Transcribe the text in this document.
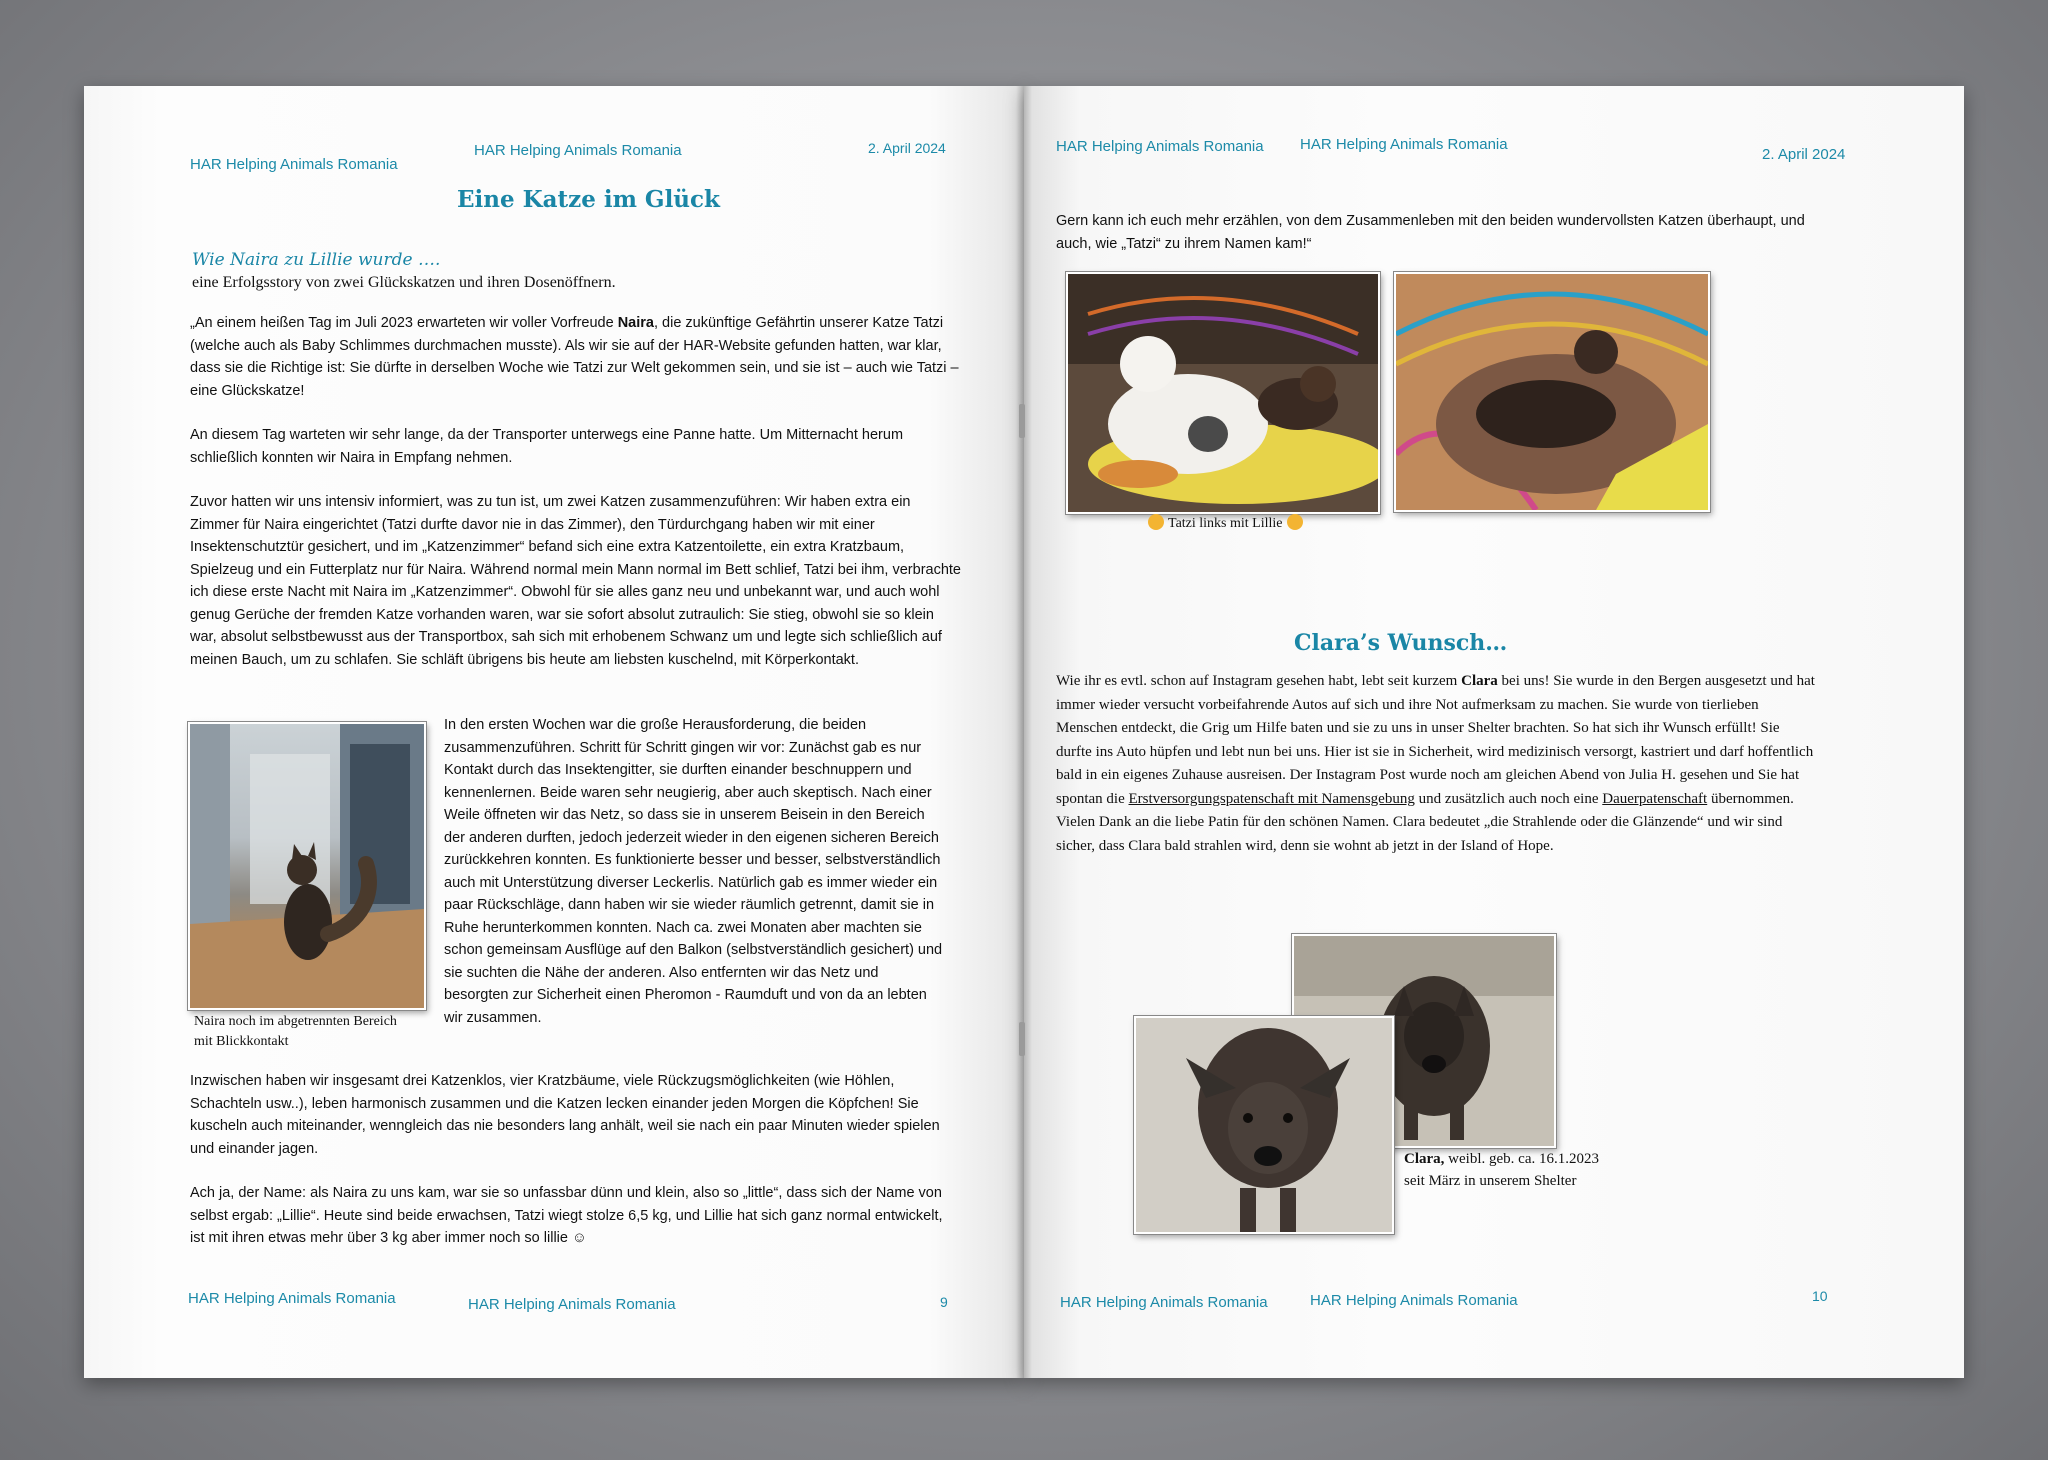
HAR Helping Animals Romania
HAR Helping Animals Romania	2. April 2024
Eine Katze im Glück
Wie Naira zu Lillie wurde ….
eine Erfolgsstory von zwei Glückskatzen und ihren Dosenöffnern.

„An einem heißen Tag im Juli 2023 erwarteten wir voller Vorfreude Naira, die zukünftige Gefährtin unserer Katze Tatzi (welche auch als Baby Schlimmes durchmachen musste). Als wir sie auf der HAR-Website gefunden hatten, war klar, dass sie die Richtige ist: Sie dürfte in derselben Woche wie Tatzi zur Welt gekommen sein, und sie ist – auch wie Tatzi – eine Glückskatze!

An diesem Tag warteten wir sehr lange, da der Transporter unterwegs eine Panne hatte. Um Mitternacht herum schließlich konnten wir Naira in Empfang nehmen.

Zuvor hatten wir uns intensiv informiert, was zu tun ist, um zwei Katzen zusammenzuführen: Wir haben extra ein Zimmer für Naira eingerichtet (Tatzi durfte davor nie in das Zimmer), den Türdurchgang haben wir mit einer Insektenschutztür gesichert, und im „Katzenzimmer“ befand sich eine extra Katzentoilette, ein extra Kratzbaum, Spielzeug und ein Futterplatz nur für Naira. Während normal mein Mann normal im Bett schlief, Tatzi bei ihm, verbrachte ich diese erste Nacht mit Naira im „Katzenzimmer“. Obwohl für sie alles ganz neu und unbekannt war, und auch wohl genug Gerüche der fremden Katze vorhanden waren, war sie sofort absolut zutraulich: Sie stieg, obwohl sie so klein war, absolut selbstbewusst aus der Transportbox, sah sich mit erhobenem Schwanz um und legte sich schließlich auf meinen Bauch, um zu schlafen. Sie schläft übrigens bis heute am liebsten kuschelnd, mit Körperkontakt.

Naira noch im abgetrennten Bereich mit Blickkontakt

In den ersten Wochen war die große Herausforderung, die beiden zusammenzuführen. Schritt für Schritt gingen wir vor: Zunächst gab es nur Kontakt durch das Insektengitter, sie durften einander beschnuppern und kennenlernen. Beide waren sehr neugierig, aber auch skeptisch. Nach einer Weile öffneten wir das Netz, so dass sie in unserem Beisein in den Bereich der anderen durften, jedoch jederzeit wieder in den eigenen sicheren Bereich zurückkehren konnten. Es funktionierte besser und besser, selbstverständlich auch mit Unterstützung diverser Leckerlis. Natürlich gab es immer wieder ein paar Rückschläge, dann haben wir sie wieder räumlich getrennt, damit sie in Ruhe herunterkommen konnten. Nach ca. zwei Monaten aber machten sie schon gemeinsam Ausflüge auf den Balkon (selbstverständlich gesichert) und sie suchten die Nähe der anderen. Also entfernten wir das Netz und besorgten zur Sicherheit einen Pheromon - Raumduft und von da an lebten wir zusammen.

Inzwischen haben wir insgesamt drei Katzenklos, vier Kratzbäume, viele Rückzugsmöglichkeiten (wie Höhlen, Schachteln usw..), leben harmonisch zusammen und die Katzen lecken einander jeden Morgen die Köpfchen! Sie kuscheln auch miteinander, wenngleich das nie besonders lang anhält, weil sie nach ein paar Minuten wieder spielen und einander jagen.

Ach ja, der Name: als Naira zu uns kam, war sie so unfassbar dünn und klein, also so „little“, dass sich der Name von selbst ergab: „Lillie“. Heute sind beide erwachsen, Tatzi wiegt stolze 6,5 kg, und Lillie hat sich ganz normal entwickelt, ist mit ihren etwas mehr über 3 kg aber immer noch so lillie ☺

HAR Helping Animals Romania	HAR Helping Animals Romania	9
HAR Helping Animals Romania HAR Helping Animals Romania
2. April 2024
Gern kann ich euch mehr erzählen, von dem Zusammenleben mit den beiden wundervollsten Katzen überhaupt, und auch, wie „Tatzi“ zu ihrem Namen kam!“
Tatzi links mit Lillie
Clara’s Wunsch…
Wie ihr es evtl. schon auf Instagram gesehen habt, lebt seit kurzem Clara bei uns! Sie wurde in den Bergen ausgesetzt und hat immer wieder versucht vorbeifahrende Autos auf sich und ihre Not aufmerksam zu machen. Sie wurde von tierlieben Menschen entdeckt, die Grig um Hilfe baten und sie zu uns in unser Shelter brachten. So hat sich ihr Wunsch erfüllt! Sie durfte ins Auto hüpfen und lebt nun bei uns. Hier ist sie in Sicherheit, wird medizinisch versorgt, kastriert und darf hoffentlich bald in ein eigenes Zuhause ausreisen. Der Instagram Post wurde noch am gleichen Abend von Julia H. gesehen und Sie hat spontan die Erstversorgungspatenschaft mit Namensgebung und zusätzlich auch noch eine Dauerpatenschaft übernommen. Vielen Dank an die liebe Patin für den schönen Namen. Clara bedeutet „die Strahlende oder die Glänzende“ und wir sind sicher, dass Clara bald strahlen wird, denn sie wohnt ab jetzt in der Island of Hope.
Clara, weibl. geb. ca. 16.1.2023
seit März in unserem Shelter
HAR Helping Animals Romania	HAR Helping Animals Romania	10
